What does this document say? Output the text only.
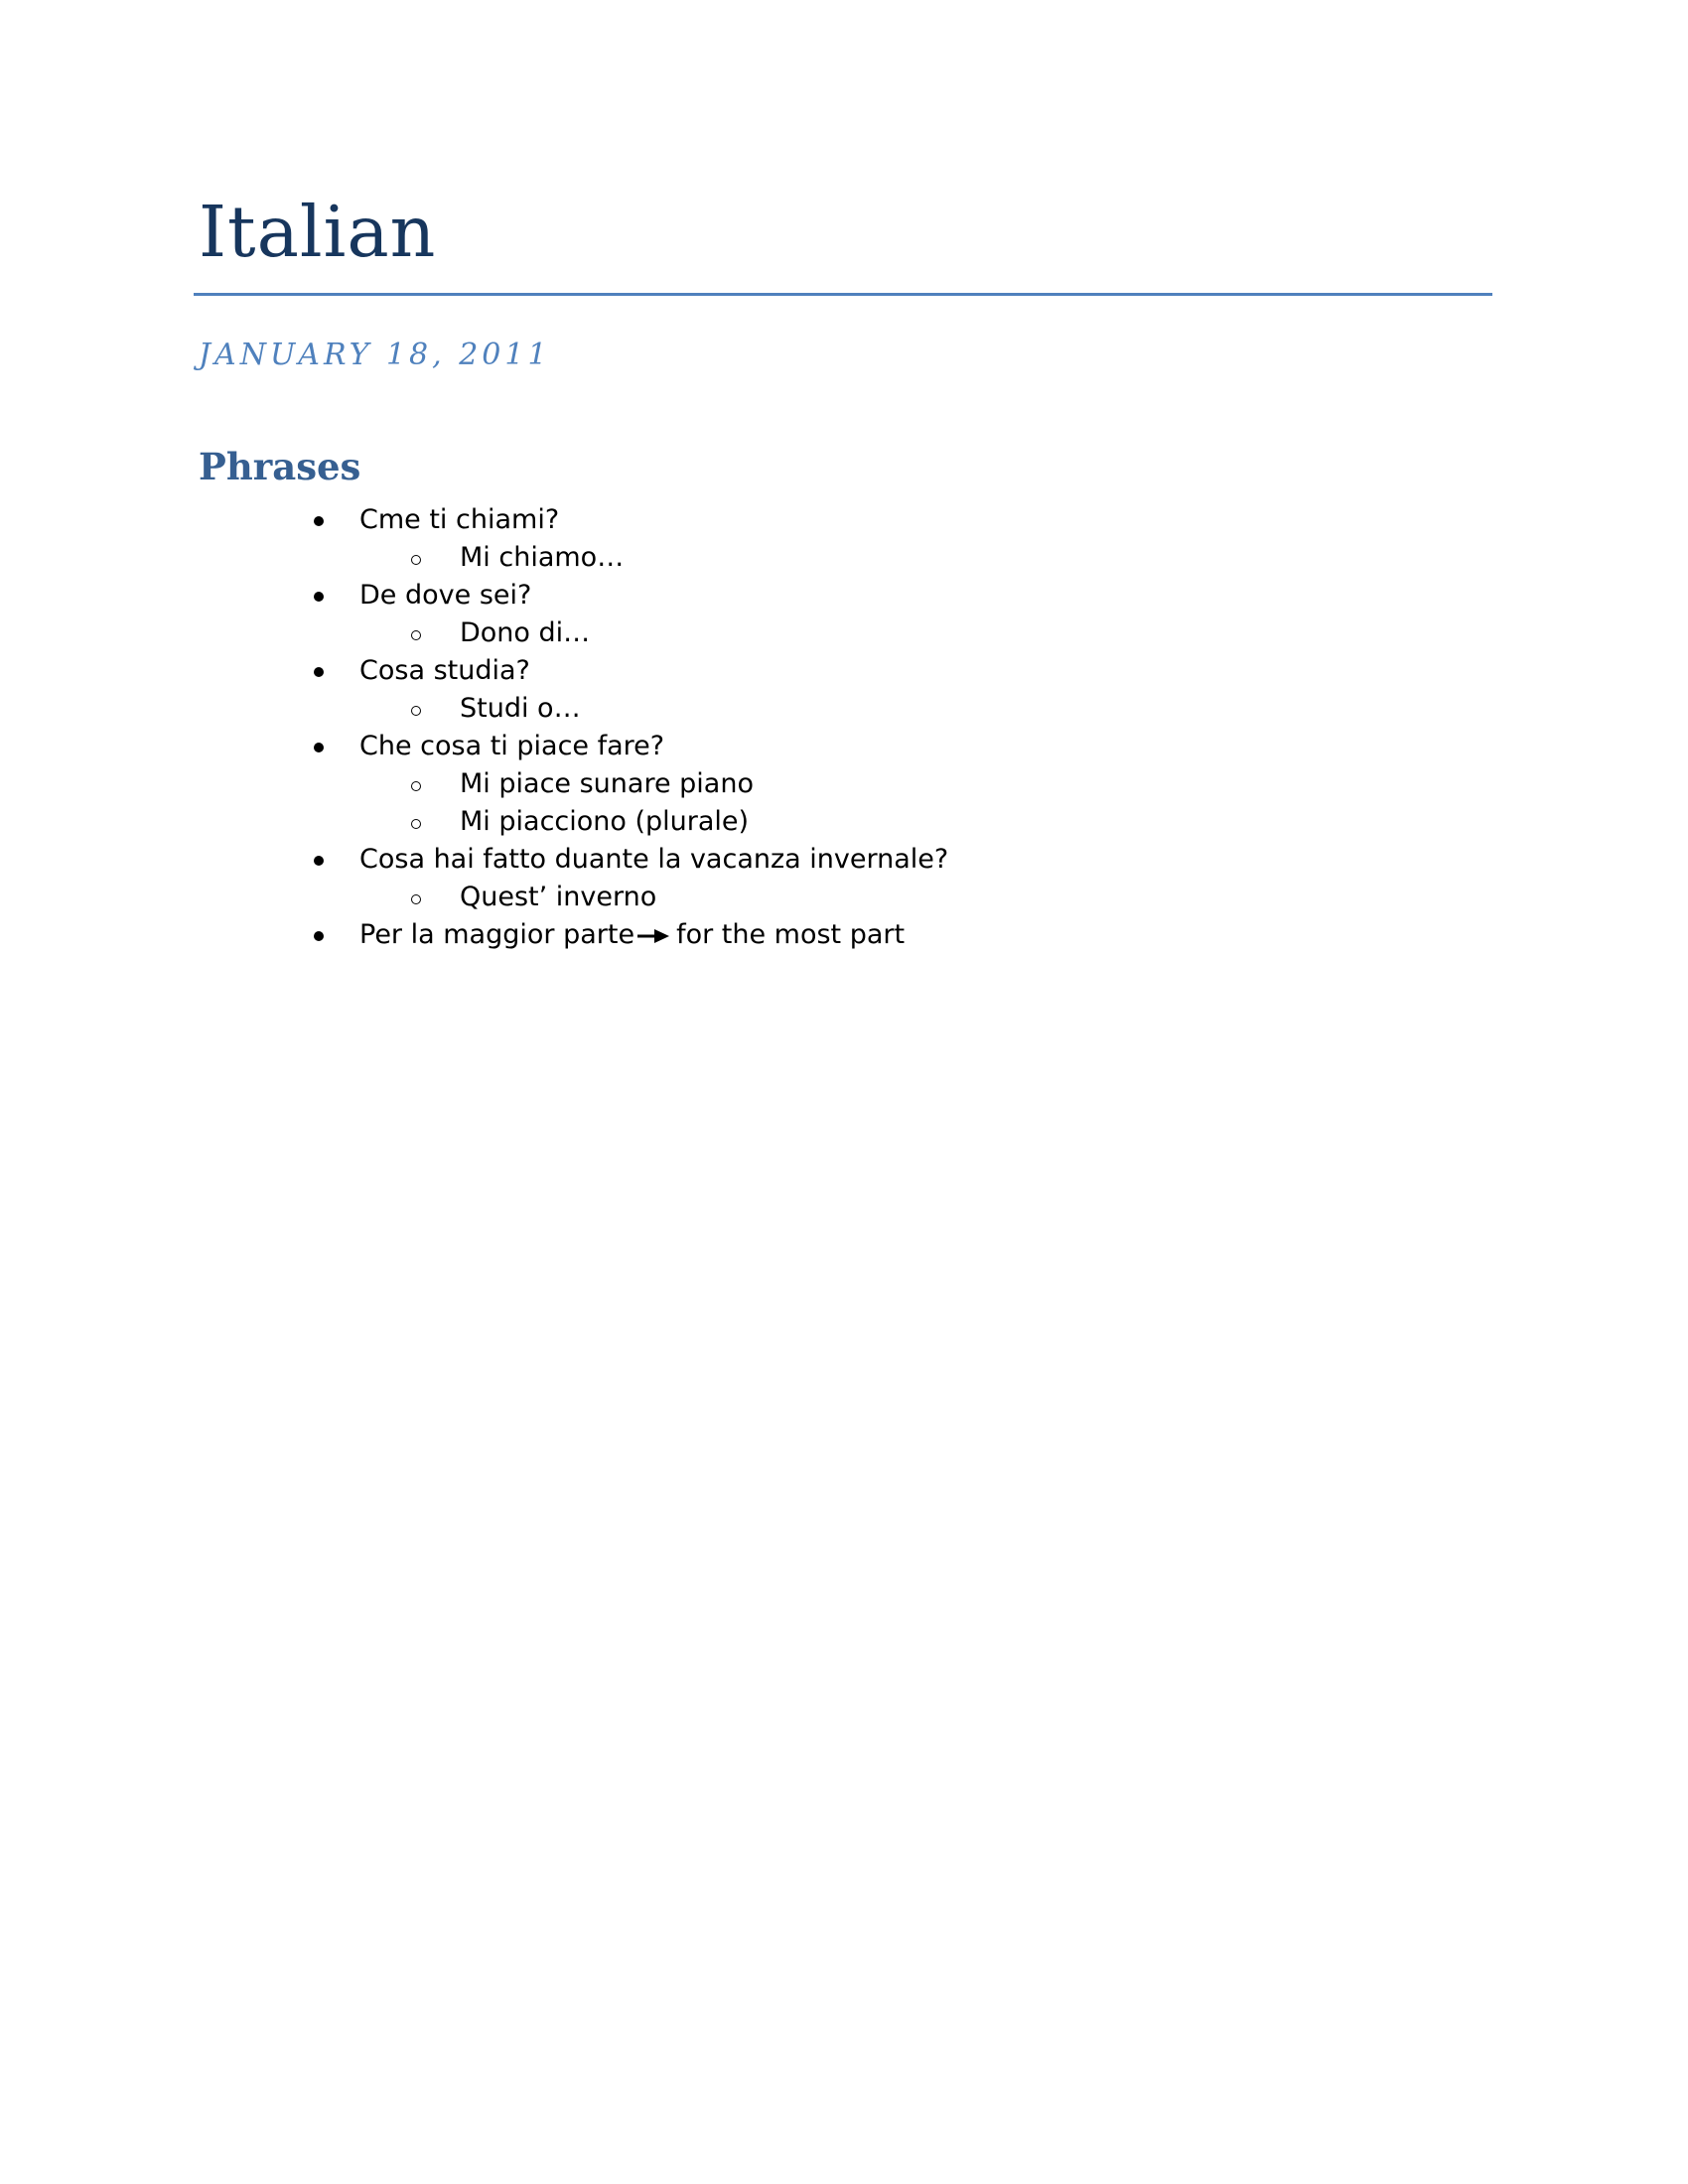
Italian
JANUARY 18, 2011
Phrases
Cme ti chiami?
Mi chiamo…
De dove sei?
Dono di…
Cosa studia?
Studi o…
Che cosa ti piace fare?
Mi piace sunare piano
Mi piacciono (plurale)
Cosa hai fatto duante la vacanza invernale?
Quest’ inverno
Per la maggior parte for the most part
